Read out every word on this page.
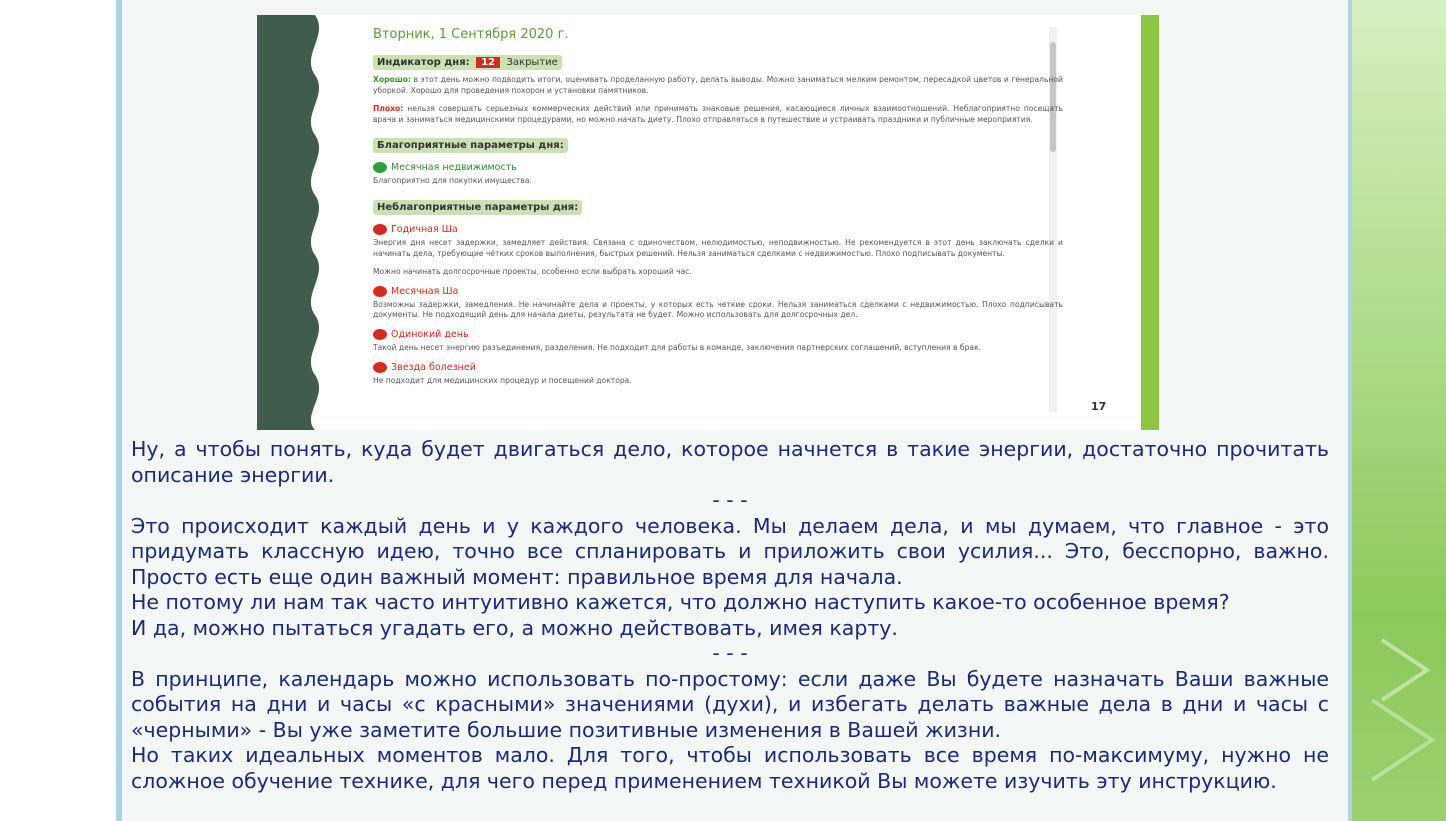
17
Вторник, 1 Сентября 2020 г.
Индикатор дня: 12 Закрытие

Хорошо: в этот день можно подводить итоги, оценивать проделанную работу, делать выводы. Можно заниматься мелким ремонтом, пересадкой цветов и генеральной уборкой. Хорошо для проведения похорон и установки памятников.

Плохо: нельзя совершать серьезных коммерческих действий или принимать знаковые решения, касающиеся личных взаимоотношений. Неблагоприятно посещать врача и заниматься медицинскими процедурами, но можно начать диету. Плохо отправляться в путешествие и устраивать праздники и публичные мероприятия.

Благоприятные параметры дня:
Месячная недвижимость

Благоприятно для покупки имущества.

Неблагоприятные параметры дня:
Годичная Ша

Энергия дня несет задержки, замедляет действия. Связана с одиночеством, нелюдимостью, неподвижностью. Не рекомендуется в этот день заключать сделки и начинать дела, требующие чётких сроков выполнения, быстрых решений. Нельзя заниматься сделками с недвижимостью. Плохо подписывать документы.

Можно начинать долгосрочные проекты, особенно если выбрать хороший час.

Месячная Ша

Возможны задержки, замедления. Не начинайте дела и проекты, у которых есть четкие сроки. Нельзя заниматься сделками с недвижимостью. Плохо подписывать документы. Не подходящий день для начала диеты, результата не будет. Можно использовать для долгосрочных дел.

Одинокий день

Такой день несет энергию разъединения, разделения. Не подходит для работы в команде, заключения партнерских соглашений, вступления в брак.

Звезда болезней

Не подходит для медицинских процедур и посещений доктора.

Ну, а чтобы понять, куда будет двигаться дело, которое начнется в такие энергии, достаточно прочитать описание энергии.

- - -

Это происходит каждый день и у каждого человека. Мы делаем дела, и мы думаем, что главное - это придумать классную идею, точно все спланировать и приложить свои усилия... Это, бесспорно, важно. Просто есть еще один важный момент: правильное время для начала.

Не потому ли нам так часто интуитивно кажется, что должно наступить какое-то особенное время?

И да, можно пытаться угадать его, а можно действовать, имея карту.

- - -

В принципе, календарь можно использовать по-простому: если даже Вы будете назначать Ваши важные события на дни и часы «с красными» значениями (духи), и избегать делать важные дела в дни и часы с «черными» - Вы уже заметите большие позитивные изменения в Вашей жизни.

Но таких идеальных моментов мало. Для того, чтобы использовать все время по-максимуму, нужно не сложное обучение технике, для чего перед применением техникой Вы можете изучить эту инструкцию.
